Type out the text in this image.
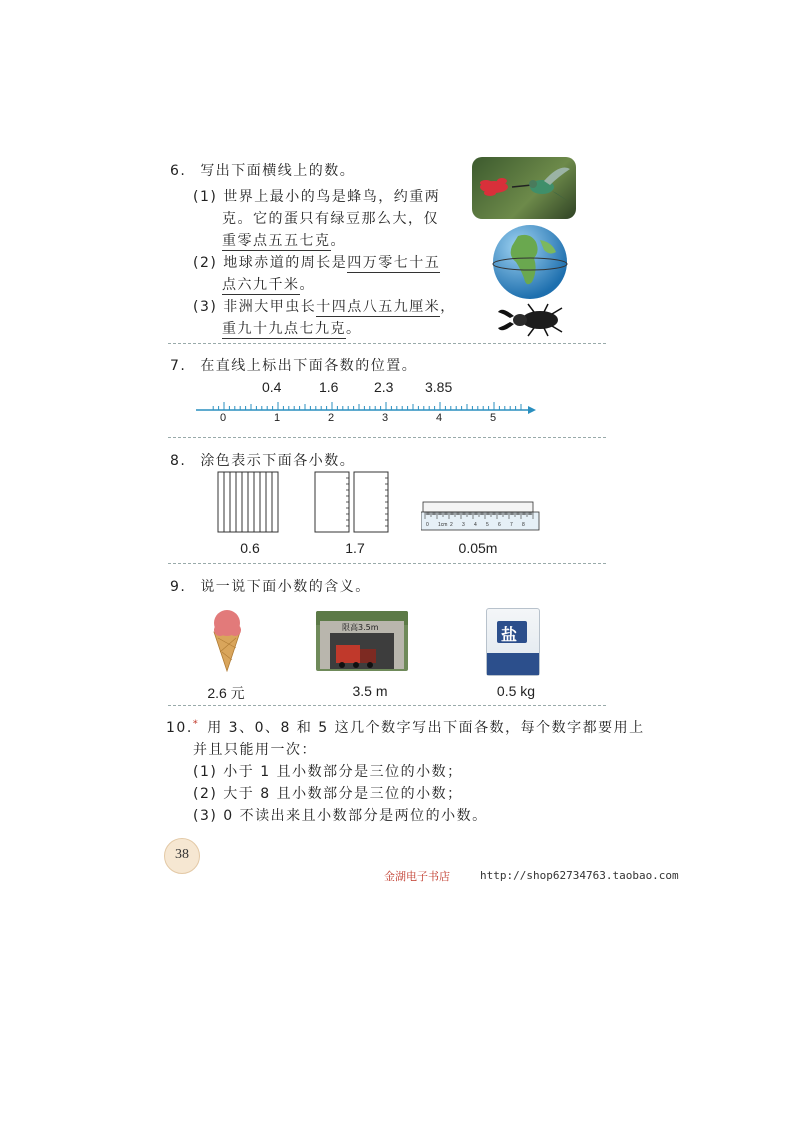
6. 写出下面横线上的数。
(1) 世界上最小的鸟是蜂鸟，约重两
克。它的蛋只有绿豆那么大，仅
重零点五五七克。
(2) 地球赤道的周长是四万零七十五
点六九千米。
(3) 非洲大甲虫长十四点八五九厘米，
重九十九点七九克。
7. 在直线上标出下面各数的位置。
0.4	1.6	2.3 3.85
0	1	2	3	4	5
8. 涂色表示下面各小数。
0 1cm 2 3 4 5 6 7 8
0.6	1.7	0.05m
9. 说一说下面小数的含义。
限高3.5m	盐
2.6 元	3.5 m	0.5 kg
10.* 用 3、0、8 和 5 这几个数字写出下面各数，每个数字都要用上
并且只能用一次：
(1) 小于 1 且小数部分是三位的小数；
(2) 大于 8 且小数部分是三位的小数；
(3) 0 不读出来且小数部分是两位的小数。
38
金湖电子书店	http://shop62734763.taobao.com
